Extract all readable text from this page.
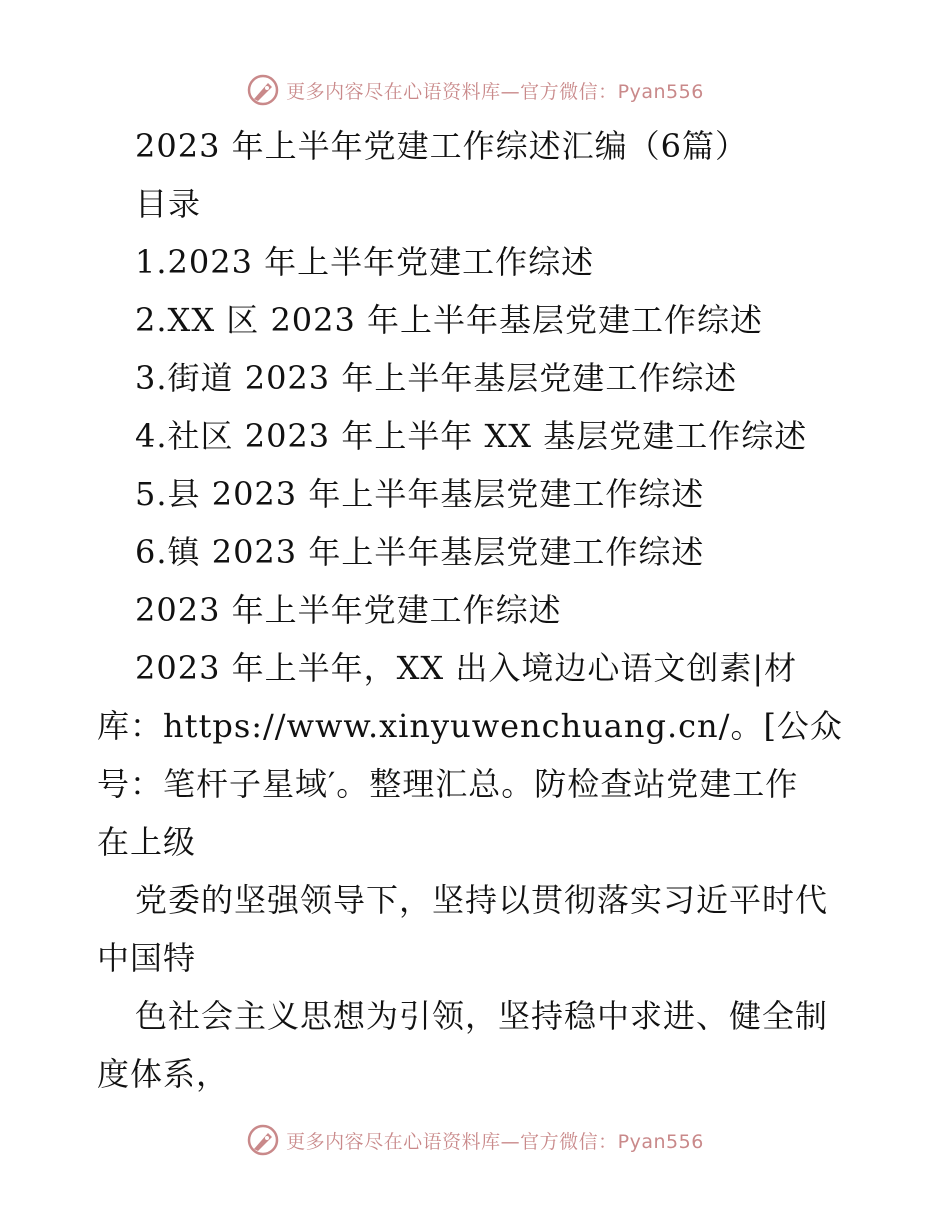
更多内容尽在心语资料库—官方微信：Pyan556
2023 年上半年党建工作综述汇编（6篇）
目录
1.2023 年上半年党建工作综述
2.XX 区 2023 年上半年基层党建工作综述
3.街道 2023 年上半年基层党建工作综述
4.社区 2023 年上半年 XX 基层党建工作综述
5.县 2023 年上半年基层党建工作综述
6.镇 2023 年上半年基层党建工作综述
2023 年上半年党建工作综述
2023 年上半年，XX 出入境边心语文创素|材
库：https://www.xinyuwenchuang.cn/。[公众
号：笔杆子星域′。整理汇总。防检查站党建工作
在上级
党委的坚强领导下，坚持以贯彻落实习近平时代
中国特
色社会主义思想为引领，坚持稳中求进、健全制
度体系，
更多内容尽在心语资料库—官方微信：Pyan556
